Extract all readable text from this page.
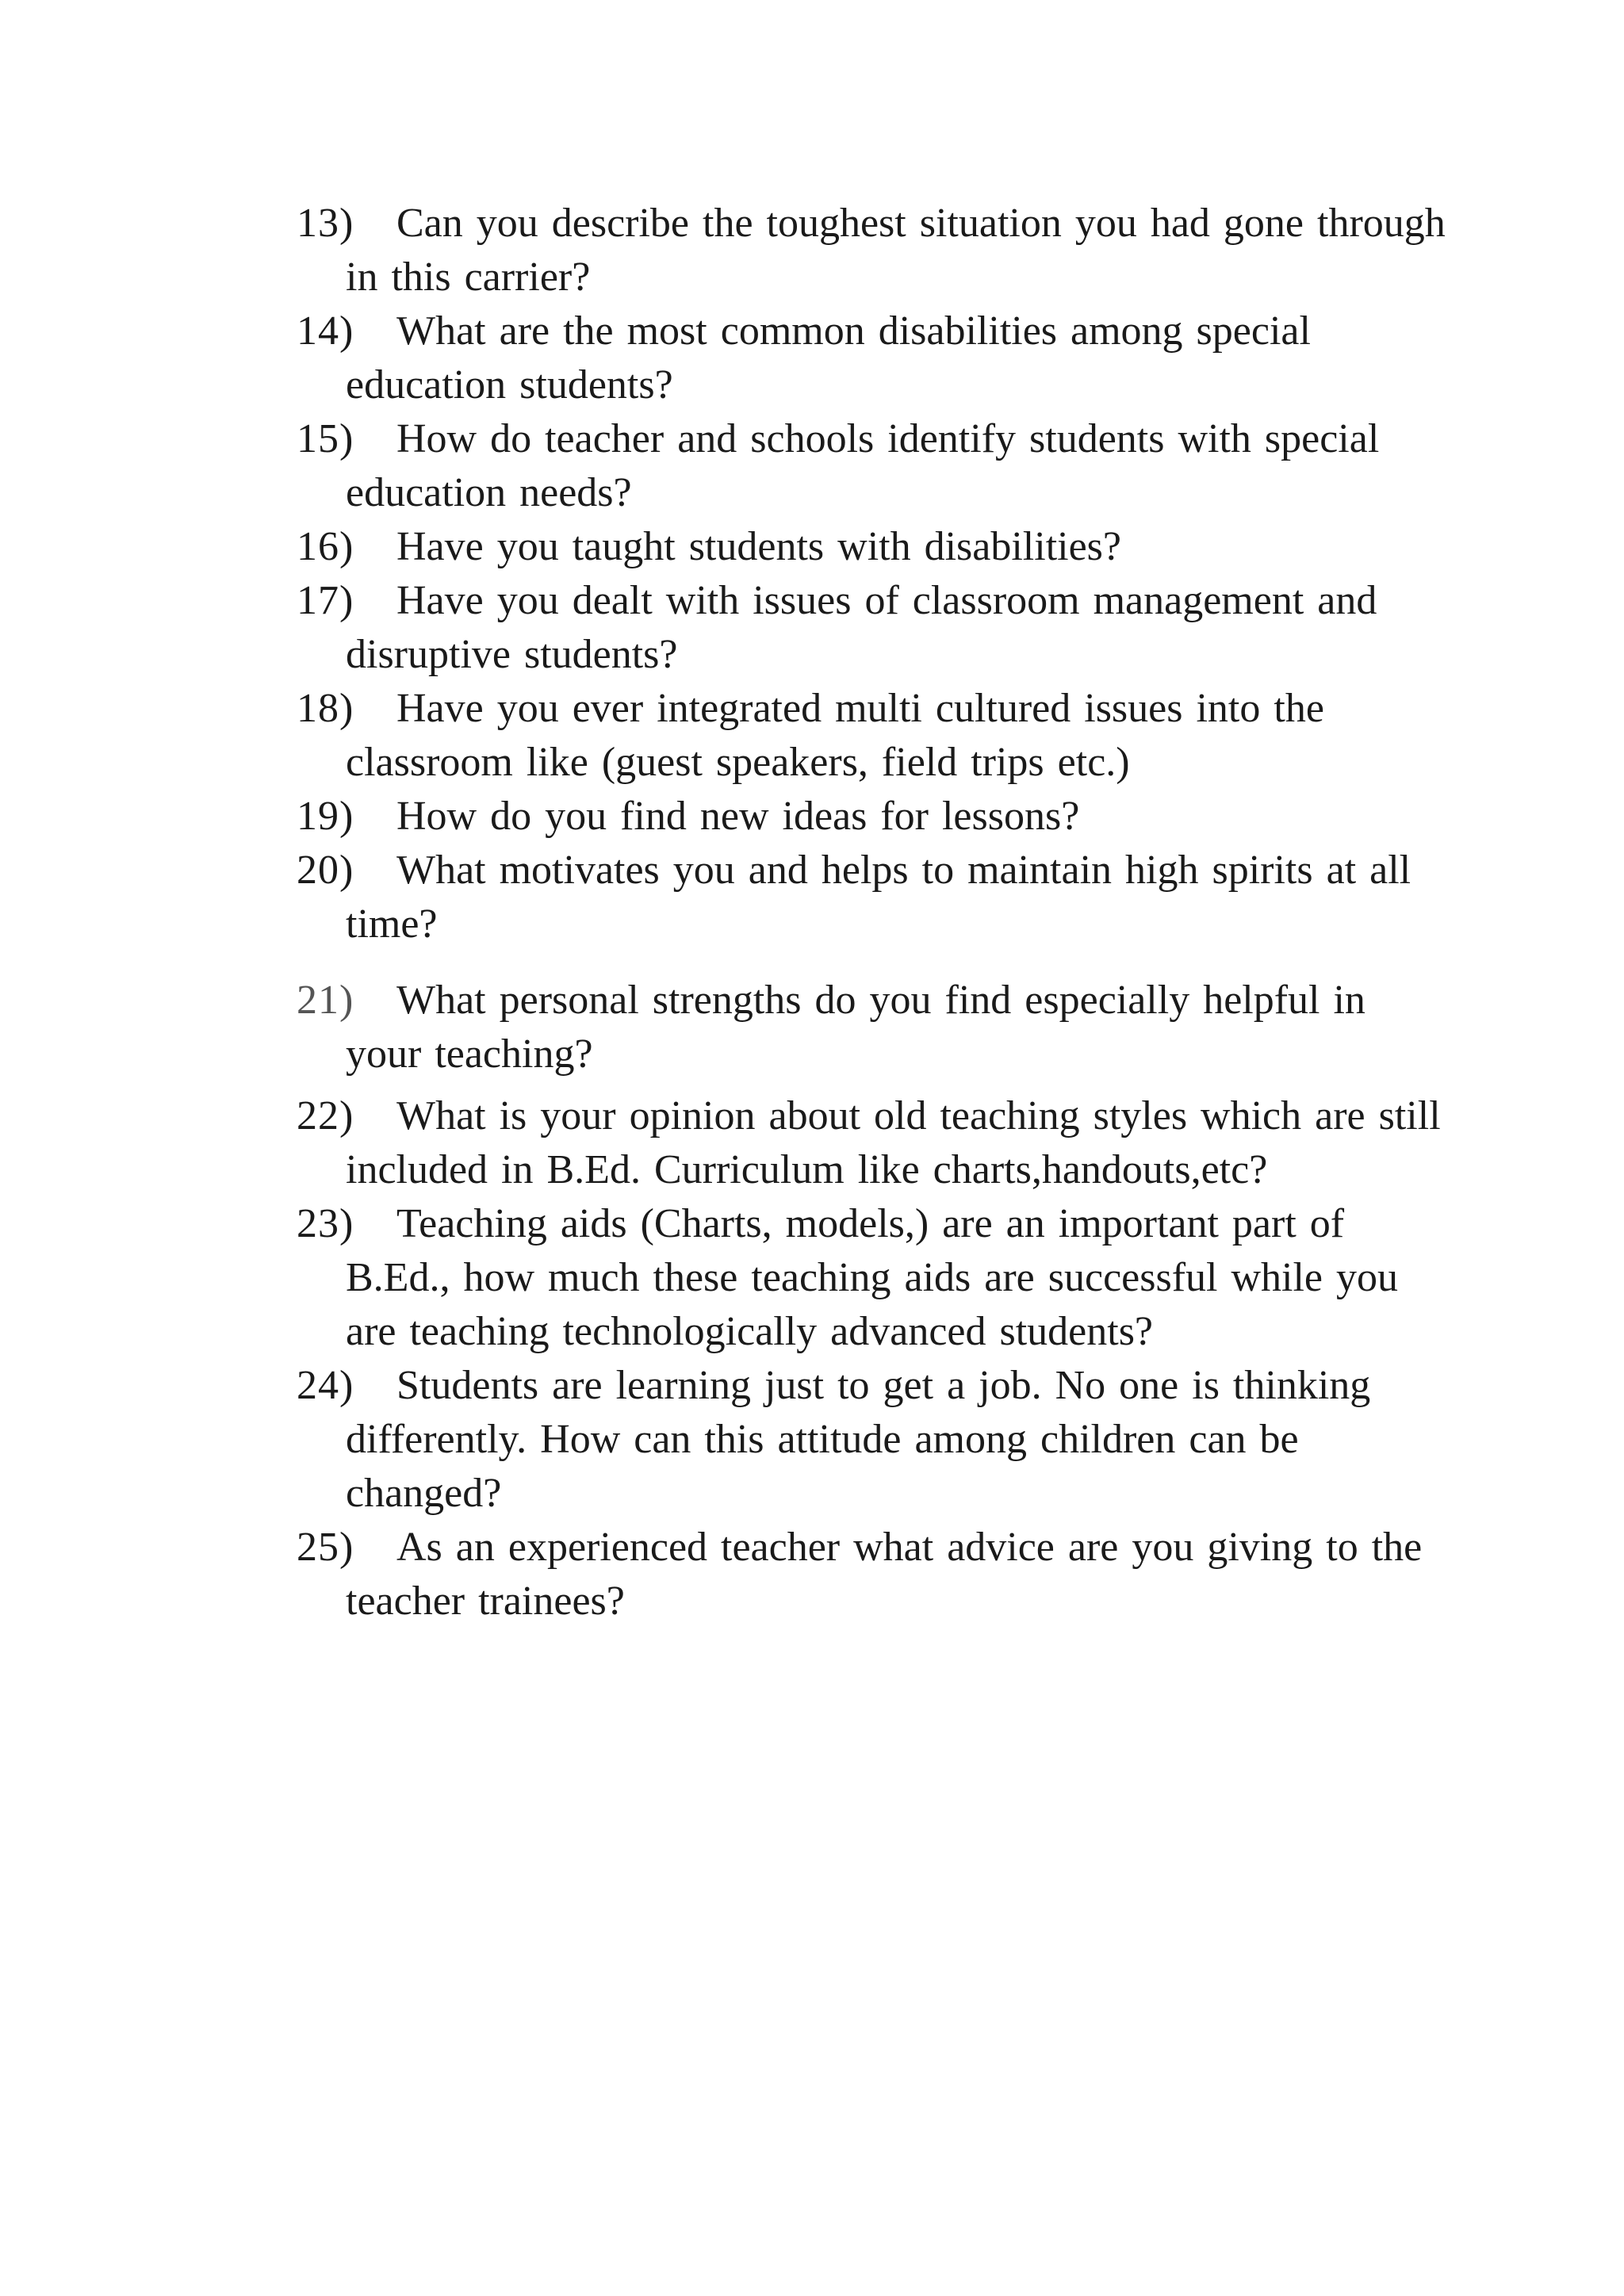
13)	Can you describe the toughest situation you had gone through in this carrier?
14)	What are the most common disabilities among special education students?
15)	How do teacher and schools identify students with special education needs?
16)	Have you taught students with disabilities?
17)	Have you dealt with issues of classroom management and disruptive students?
18)	Have you ever integrated multi cultured issues into the classroom like (guest speakers, field trips etc.)
19)	How do you find new ideas for lessons?
20)	What motivates you and helps to maintain high spirits at all time?
21)	What personal strengths do you find especially helpful in your teaching?
22)	What is your opinion about old teaching styles which are still included in B.Ed. Curriculum like charts,handouts,etc?
23)	Teaching aids (Charts, models,) are an important part of B.Ed., how much these teaching aids are successful while you are teaching technologically advanced students?
24)	Students are learning just to get a job. No one is thinking differently. How can this attitude among children can be changed?
25)	As an experienced teacher what advice are you giving to the teacher trainees?
